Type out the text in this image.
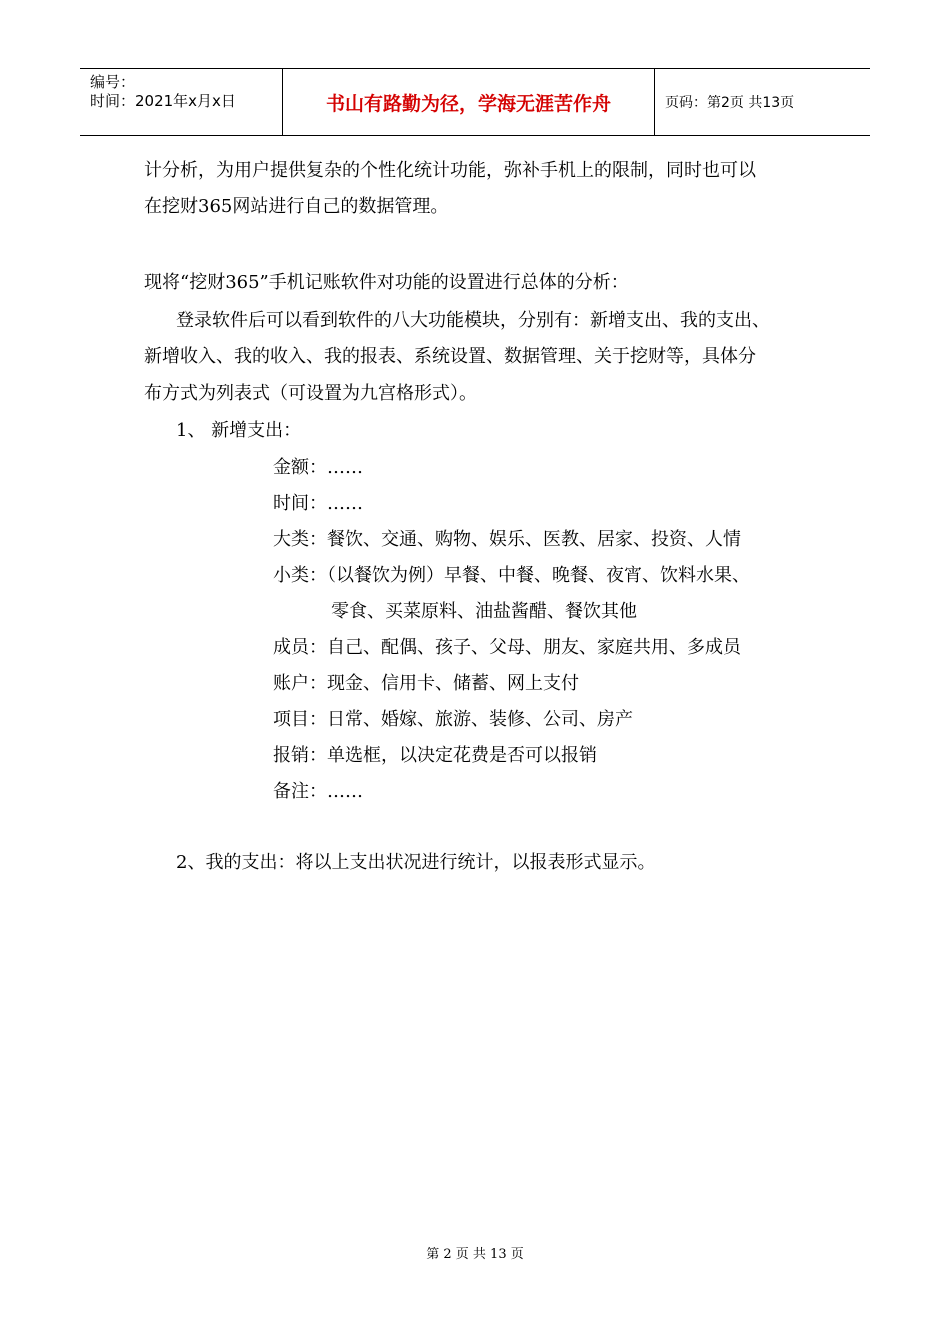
编号：
时间：2021年x月x日	书山有路勤为径，学海无涯苦作舟	页码：第2页 共13页
计分析，为用户提供复杂的个性化统计功能，弥补手机上的限制，同时也可以
在挖财365网站进行自己的数据管理。
现将“挖财365”手机记账软件对功能的设置进行总体的分析：
登录软件后可以看到软件的八大功能模块，分别有：新增支出、我的支出、
新增收入、我的收入、我的报表、系统设置、数据管理、关于挖财等，具体分
布方式为列表式（可设置为九宫格形式）。
1、 新增支出：
金额：……
时间：……
大类：餐饮、交通、购物、娱乐、医教、居家、投资、人情
小类：（以餐饮为例）早餐、中餐、晚餐、夜宵、饮料水果、
零食、买菜原料、油盐酱醋、餐饮其他
成员：自己、配偶、孩子、父母、朋友、家庭共用、多成员
账户：现金、信用卡、储蓄、网上支付
项目：日常、婚嫁、旅游、装修、公司、房产
报销：单选框，以决定花费是否可以报销
备注：……
2、我的支出：将以上支出状况进行统计，以报表形式显示。
第 2 页 共 13 页
